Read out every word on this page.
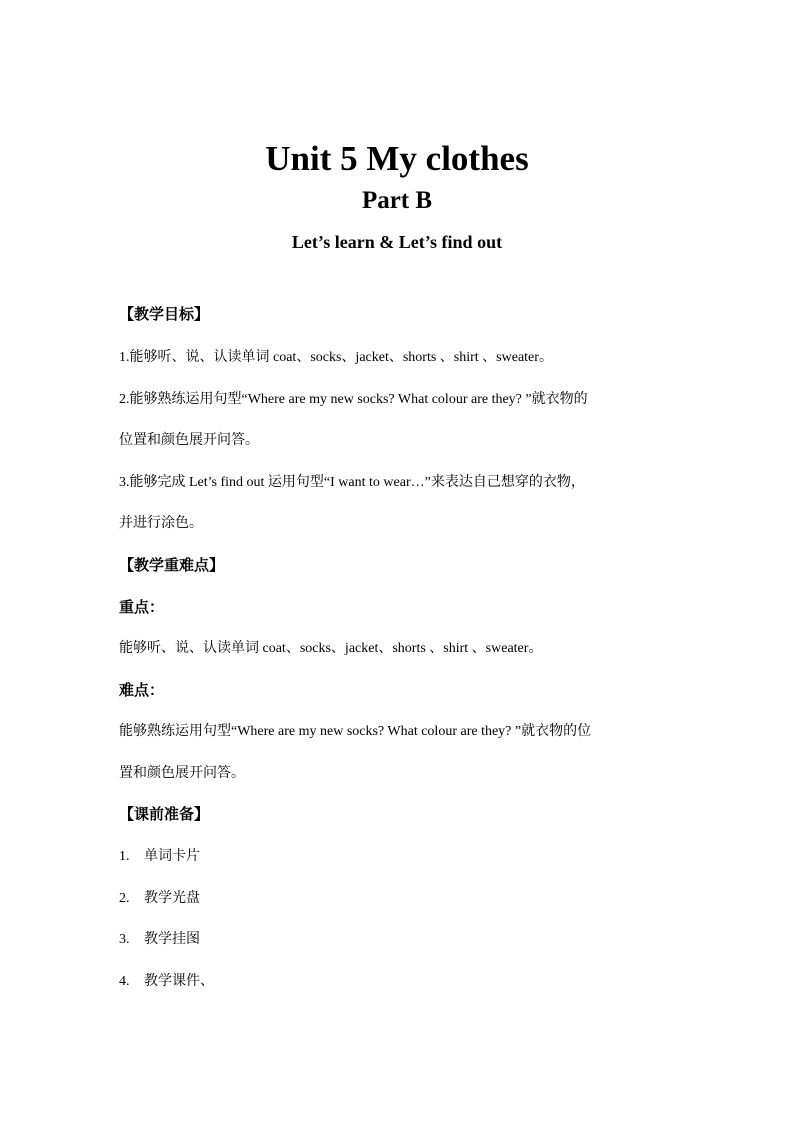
Unit 5 My clothes
Part B
Let’s learn & Let’s find out
【教学目标】
1.能够听、说、认读单词 coat、socks、jacket、shorts 、shirt 、sweater。
2.能够熟练运用句型“Where are my new socks? What colour are they? ”就衣物的
位置和颜色展开问答。
3.能够完成 Let’s find out 运用句型“I want to wear…”来表达自己想穿的衣物，
并进行涂色。
【教学重难点】
重点：
能够听、说、认读单词 coat、socks、jacket、shorts 、shirt 、sweater。
难点：
能够熟练运用句型“Where are my new socks? What colour are they? ”就衣物的位
置和颜色展开问答。
【课前准备】
1. 单词卡片
2. 教学光盘
3. 教学挂图
4. 教学课件、
